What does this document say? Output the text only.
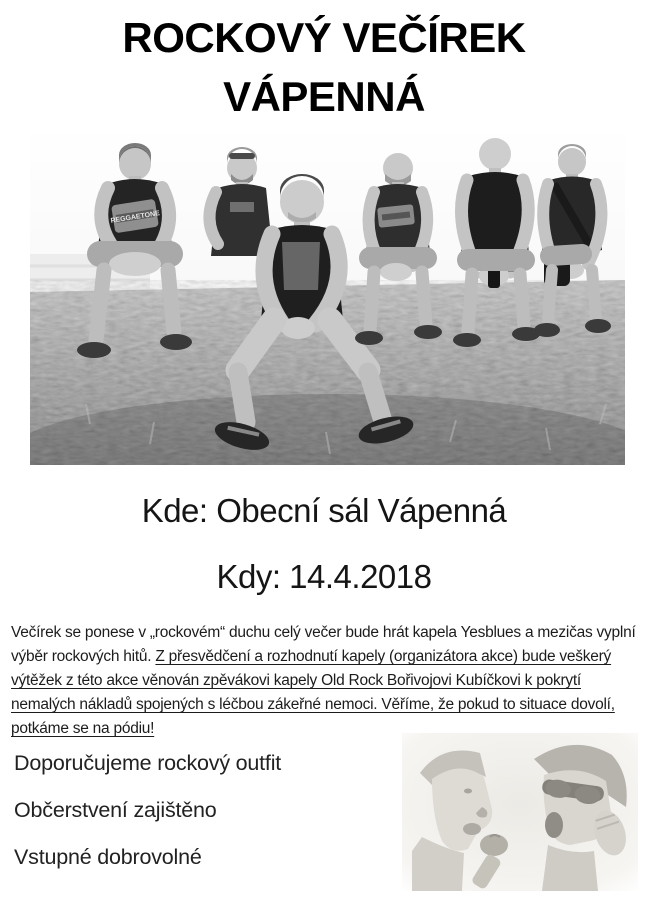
ROCKOVÝ VEČÍREK
VÁPENNÁ
REGGAETONE
Kde: Obecní sál Vápenná
Kdy: 14.4.2018

Večírek se ponese v „rockovém“ duchu celý večer bude hrát kapela Yesblues a mezičas vyplní výběr rockových hitů. Z přesvědčení a rozhodnutí kapely (organizátora akce) bude veškerý výtěžek z této akce věnován zpěvákovi kapely Old Rock Bořivojovi Kubíčkovi k pokrytí nemalých nákladů spojených s léčbou zákeřné nemoci. Věříme, že pokud to situace dovolí, potkáme se na pódiu!

Doporučujeme rockový outfit

Občerstvení zajištěno

Vstupné dobrovolné
